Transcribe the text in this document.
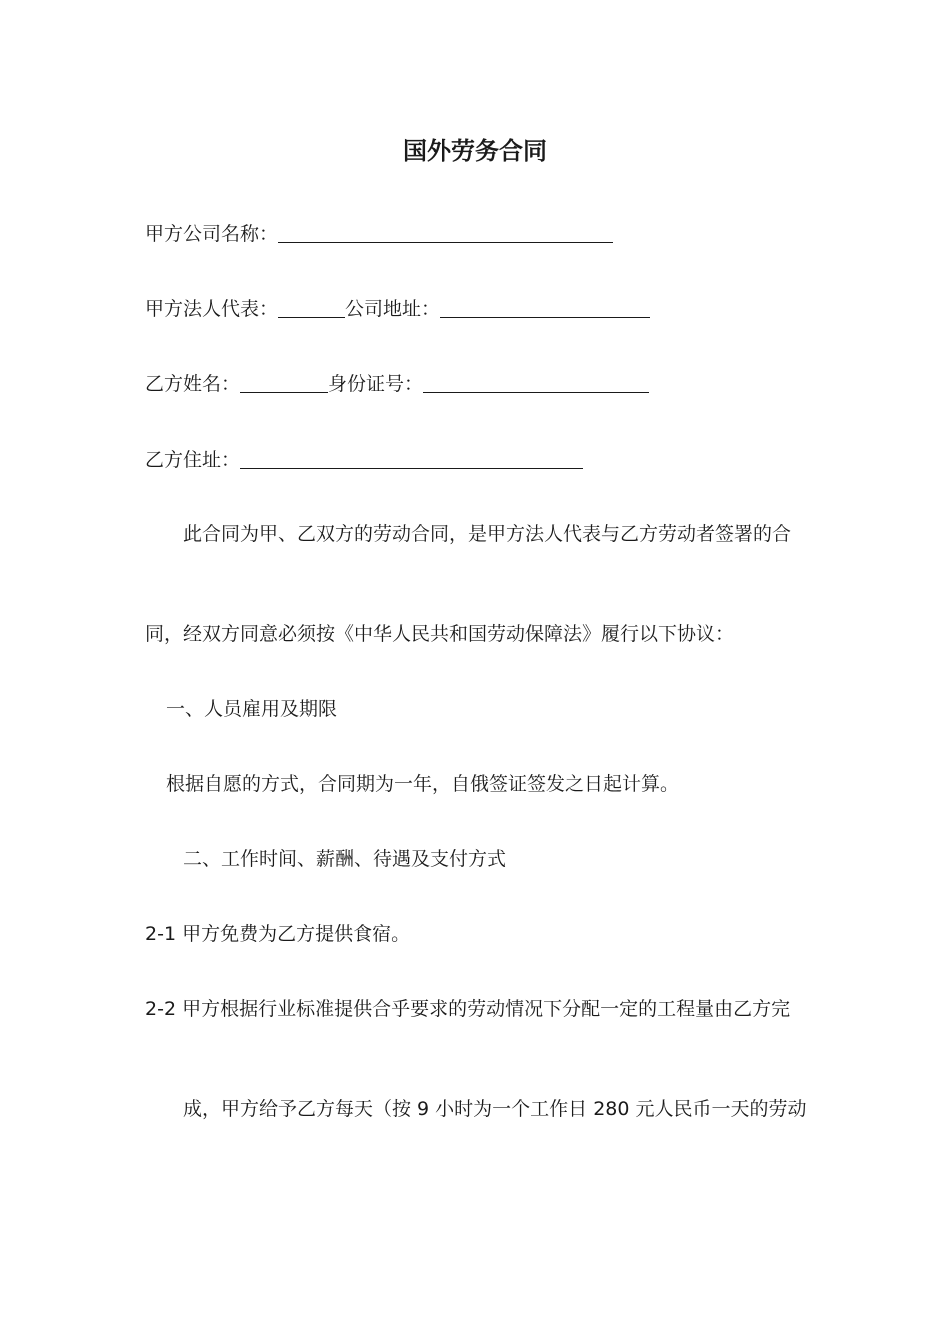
国外劳务合同
甲方公司名称：
甲方法人代表：	公司地址：
乙方姓名：	身份证号：
乙方住址：
此合同为甲、乙双方的劳动合同，是甲方法人代表与乙方劳动者签署的合
同，经双方同意必须按《中华人民共和国劳动保障法》履行以下协议：
一、人员雇用及期限
根据自愿的方式，合同期为一年，自俄签证签发之日起计算。
二、工作时间、薪酬、待遇及支付方式
2-1 甲方免费为乙方提供食宿。
2-2 甲方根据行业标准提供合乎要求的劳动情况下分配一定的工程量由乙方完
成，甲方给予乙方每天（按 9 小时为一个工作日 280 元人民币一天的劳动
